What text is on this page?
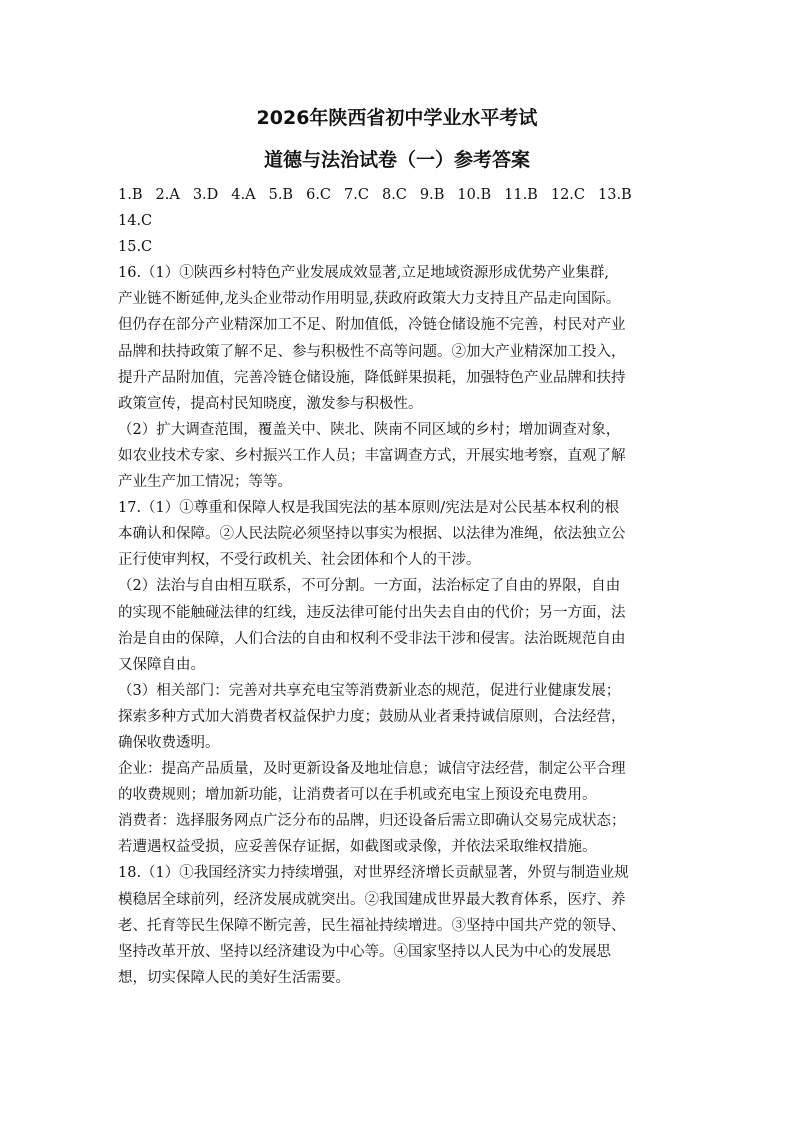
2026年陕西省初中学业水平考试
道德与法治试卷（一）参考答案
1.B 2.A 3.D 4.A 5.B 6.C 7.C 8.C 9.B 10.B 11.B 12.C 13.B
14.C
15.C
16.（1）①陕西乡村特色产业发展成效显著,立足地域资源形成优势产业集群,
产业链不断延伸,龙头企业带动作用明显,获政府政策大力支持且产品走向国际。
但仍存在部分产业精深加工不足、附加值低，冷链仓储设施不完善，村民对产业
品牌和扶持政策了解不足、参与积极性不高等问题。②加大产业精深加工投入，
提升产品附加值，完善冷链仓储设施，降低鲜果损耗，加强特色产业品牌和扶持
政策宣传，提高村民知晓度，激发参与积极性。
（2）扩大调查范围，覆盖关中、陕北、陕南不同区域的乡村；增加调查对象，
如农业技术专家、乡村振兴工作人员；丰富调查方式，开展实地考察，直观了解
产业生产加工情况；等等。
17.（1）①尊重和保障人权是我国宪法的基本原则/宪法是对公民基本权利的根
本确认和保障。②人民法院必须坚持以事实为根据、以法律为准绳，依法独立公
正行使审判权，不受行政机关、社会团体和个人的干涉。
（2）法治与自由相互联系，不可分割。一方面，法治标定了自由的界限，自由
的实现不能触碰法律的红线，违反法律可能付出失去自由的代价；另一方面，法
治是自由的保障，人们合法的自由和权利不受非法干涉和侵害。法治既规范自由
又保障自由。
（3）相关部门：完善对共享充电宝等消费新业态的规范，促进行业健康发展；
探索多种方式加大消费者权益保护力度；鼓励从业者秉持诚信原则，合法经营，
确保收费透明。
企业：提高产品质量，及时更新设备及地址信息；诚信守法经营，制定公平合理
的收费规则；增加新功能，让消费者可以在手机或充电宝上预设充电费用。
消费者：选择服务网点广泛分布的品牌，归还设备后需立即确认交易完成状态；
若遭遇权益受损，应妥善保存证据，如截图或录像，并依法采取维权措施。
18.（1）①我国经济实力持续增强，对世界经济增长贡献显著，外贸与制造业规
模稳居全球前列，经济发展成就突出。②我国建成世界最大教育体系，医疗、养
老、托育等民生保障不断完善，民生福祉持续增进。③坚持中国共产党的领导、
坚持改革开放、坚持以经济建设为中心等。④国家坚持以人民为中心的发展思
想，切实保障人民的美好生活需要。
